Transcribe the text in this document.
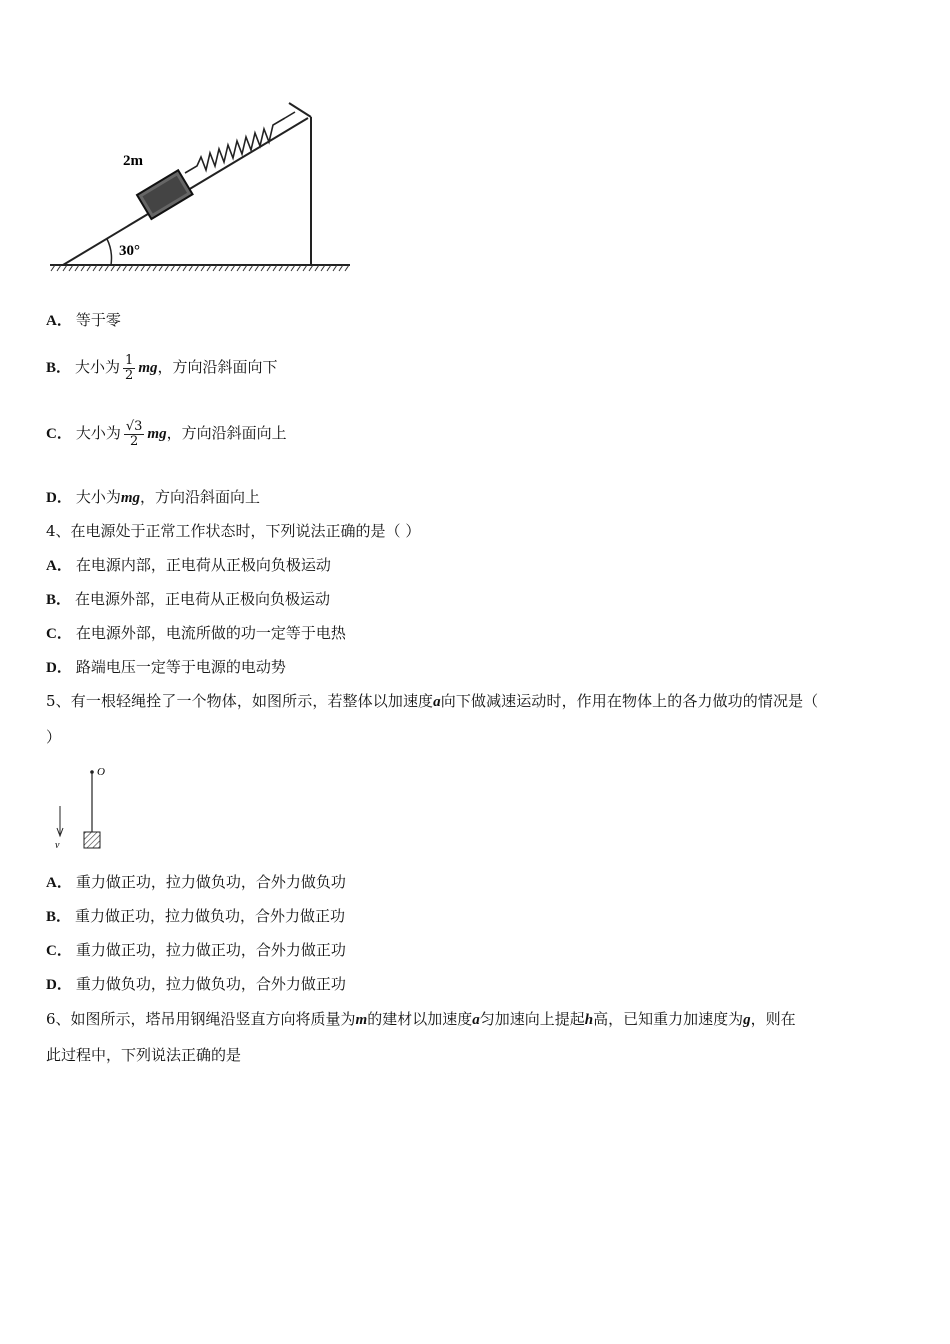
30°
2m
A． 等于零
B． 大小为 $\frac{1}{2}$ mg，方向沿斜面向下
C． 大小为 $\frac{√3}{2}$ mg，方向沿斜面向上
D． 大小为mg，方向沿斜面向上
4、在电源处于正常工作状态时，下列说法正确的是（ ）
A． 在电源内部，正电荷从正极向负极运动
B． 在电源外部，正电荷从正极向负极运动
C． 在电源外部，电流所做的功一定等于电热
D． 路端电压一定等于电源的电动势
5、有一根轻绳拴了一个物体，如图所示，若整体以加速度a向下做减速运动时，作用在物体上的各力做功的情况是（
）
O
v
A． 重力做正功，拉力做负功，合外力做负功
B． 重力做正功，拉力做负功，合外力做正功
C． 重力做正功，拉力做正功，合外力做正功
D． 重力做负功，拉力做负功，合外力做正功
6、如图所示，塔吊用钢绳沿竖直方向将质量为m的建材以加速度a匀加速向上提起h高，已知重力加速度为g，则在
此过程中，下列说法正确的是
